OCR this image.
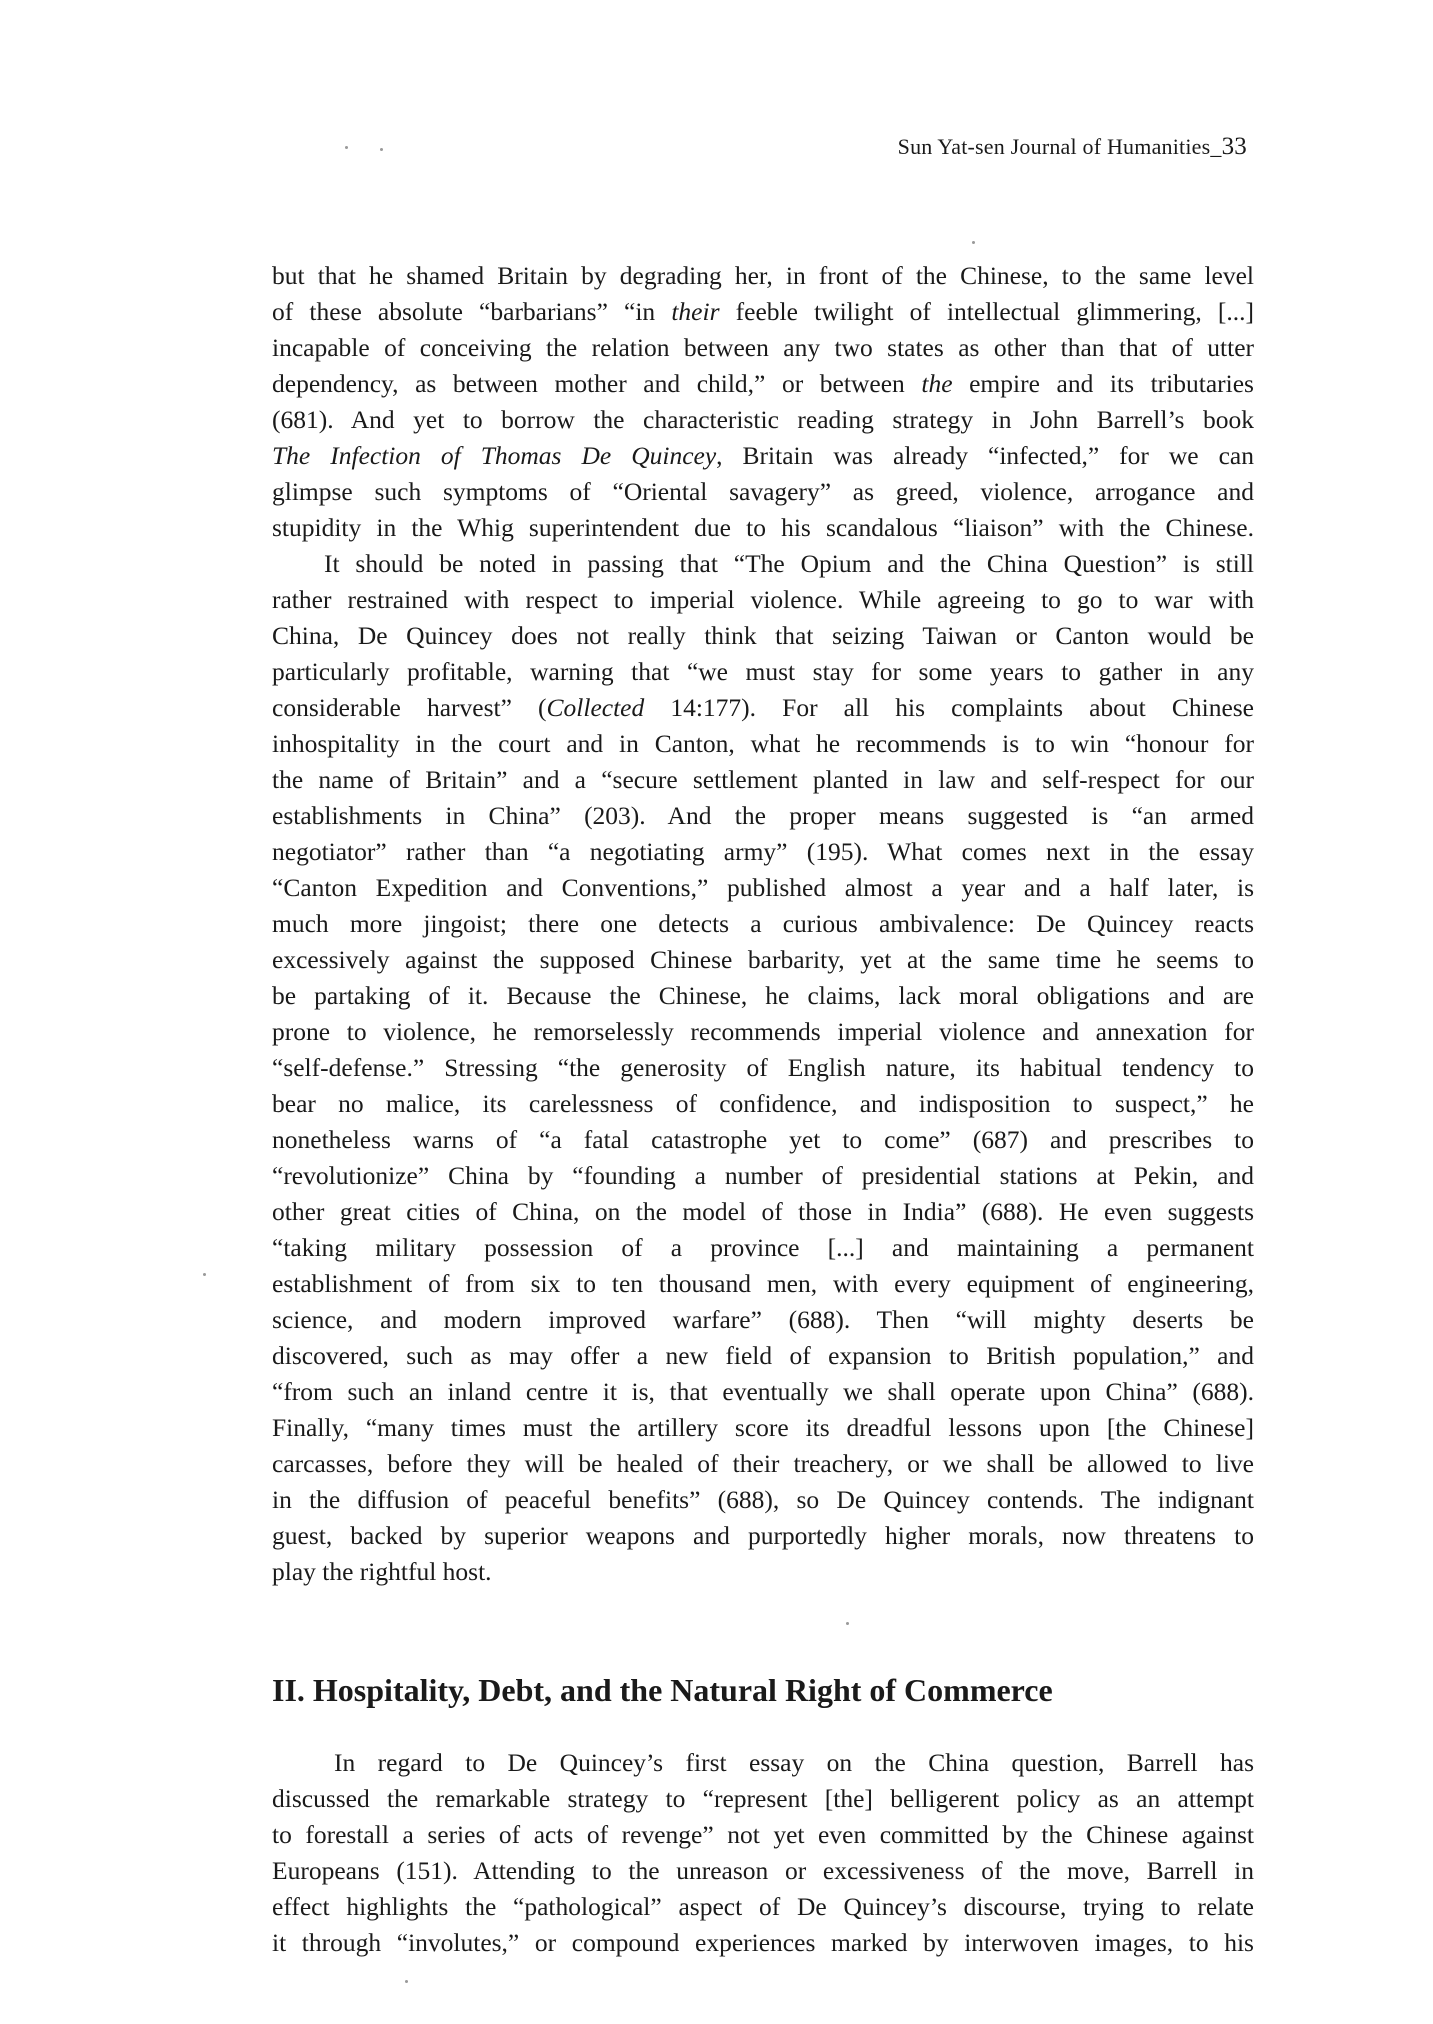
Sun Yat-sen Journal of Humanities_33

but that he shamed Britain by degrading her, in front of the Chinese, to the same level
of these absolute “barbarians” “in their feeble twilight of intellectual glimmering, [...]
incapable of conceiving the relation between any two states as other than that of utter
dependency, as between mother and child,” or between the empire and its tributaries
(681). And yet to borrow the characteristic reading strategy in John Barrell’s book
The Infection of Thomas De Quincey, Britain was already “infected,” for we can
glimpse such symptoms of “Oriental savagery” as greed, violence, arrogance and
stupidity in the Whig superintendent due to his scandalous “liaison” with the Chinese.

It should be noted in passing that “The Opium and the China Question” is still
rather restrained with respect to imperial violence. While agreeing to go to war with
China, De Quincey does not really think that seizing Taiwan or Canton would be
particularly profitable, warning that “we must stay for some years to gather in any
considerable harvest” (Collected 14:177). For all his complaints about Chinese
inhospitality in the court and in Canton, what he recommends is to win “honour for
the name of Britain” and a “secure settlement planted in law and self-respect for our
establishments in China” (203). And the proper means suggested is “an armed
negotiator” rather than “a negotiating army” (195). What comes next in the essay
“Canton Expedition and Conventions,” published almost a year and a half later, is
much more jingoist; there one detects a curious ambivalence: De Quincey reacts
excessively against the supposed Chinese barbarity, yet at the same time he seems to
be partaking of it. Because the Chinese, he claims, lack moral obligations and are
prone to violence, he remorselessly recommends imperial violence and annexation for
“self-defense.” Stressing “the generosity of English nature, its habitual tendency to
bear no malice, its carelessness of confidence, and indisposition to suspect,” he
nonetheless warns of “a fatal catastrophe yet to come” (687) and prescribes to
“revolutionize” China by “founding a number of presidential stations at Pekin, and
other great cities of China, on the model of those in India” (688). He even suggests
“taking military possession of a province [...] and maintaining a permanent
establishment of from six to ten thousand men, with every equipment of engineering,
science, and modern improved warfare” (688). Then “will mighty deserts be
discovered, such as may offer a new field of expansion to British population,” and
“from such an inland centre it is, that eventually we shall operate upon China” (688).
Finally, “many times must the artillery score its dreadful lessons upon [the Chinese]
carcasses, before they will be healed of their treachery, or we shall be allowed to live
in the diffusion of peaceful benefits” (688), so De Quincey contends. The indignant
guest, backed by superior weapons and purportedly higher morals, now threatens to
play the rightful host.

II. Hospitality, Debt, and the Natural Right of Commerce

In regard to De Quincey’s first essay on the China question, Barrell has
discussed the remarkable strategy to “represent [the] belligerent policy as an attempt
to forestall a series of acts of revenge” not yet even committed by the Chinese against
Europeans (151). Attending to the unreason or excessiveness of the move, Barrell in
effect highlights the “pathological” aspect of De Quincey’s discourse, trying to relate
it through “involutes,” or compound experiences marked by interwoven images, to his
